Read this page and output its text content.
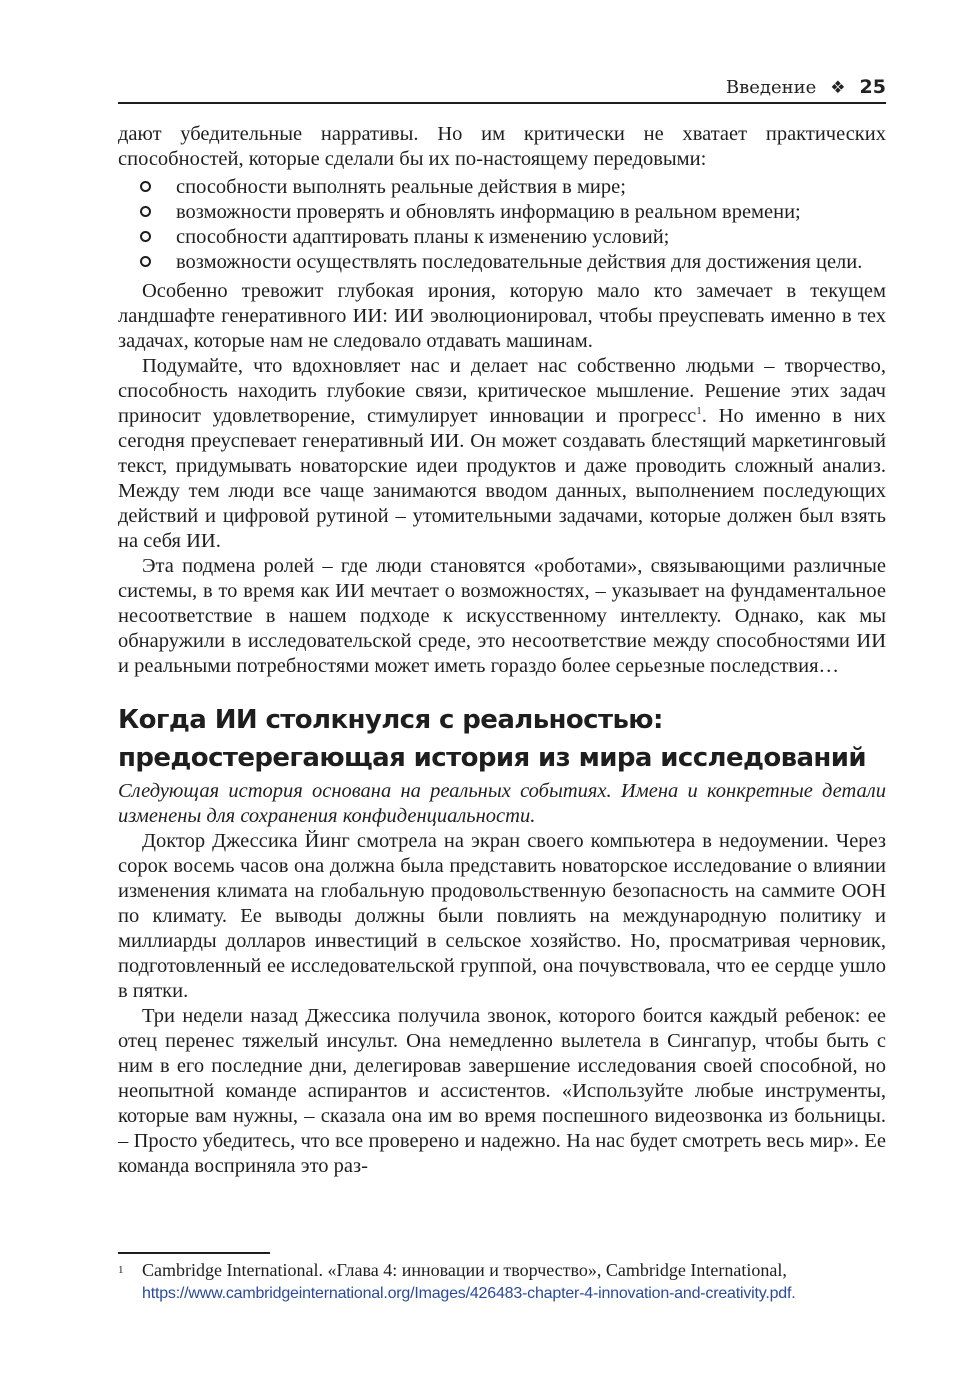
Введение ❖ 25

дают убедительные нарративы. Но им критически не хватает практических способностей, которые сделали бы их по-настоящему передовыми:

способности выполнять реальные действия в мире;
возможности проверять и обновлять информацию в реальном времени;
способности адаптировать планы к изменению условий;
возможности осуществлять последовательные действия для достижения цели.

Особенно тревожит глубокая ирония, которую мало кто замечает в текущем ландшафте генеративного ИИ: ИИ эволюционировал, чтобы преуспевать именно в тех задачах, которые нам не следовало отдавать машинам.

Подумайте, что вдохновляет нас и делает нас собственно людьми – творчество, способность находить глубокие связи, критическое мышление. Решение этих задач приносит удовлетворение, стимулирует инновации и прогресс$^1$. Но именно в них сегодня преуспевает генеративный ИИ. Он может создавать блестящий маркетинговый текст, придумывать новаторские идеи продуктов и даже проводить сложный анализ. Между тем люди все чаще занимаются вводом данных, выполнением последующих действий и цифровой рутиной – утомительными задачами, которые должен был взять на себя ИИ.

Эта подмена ролей – где люди становятся «роботами», связывающими различные системы, в то время как ИИ мечтает о возможностях, – указывает на фундаментальное несоответствие в нашем подходе к искусственному интеллекту. Однако, как мы обнаружили в исследовательской среде, это несоответствие между способностями ИИ и реальными потребностями может иметь гораздо более серьезные последствия…

Когда ИИ столкнулся с реальностью:
предостерегающая история из мира исследований

Следующая история основана на реальных событиях. Имена и конкретные детали изменены для сохранения конфиденциальности.

Доктор Джессика Йинг смотрела на экран своего компьютера в недоумении. Через сорок восемь часов она должна была представить новаторское исследование о влиянии изменения климата на глобальную продовольственную безопасность на саммите ООН по климату. Ее выводы должны были повлиять на международную политику и миллиарды долларов инвестиций в сельское хозяйство. Но, просматривая черновик, подготовленный ее исследовательской группой, она почувствовала, что ее сердце ушло в пятки.

Три недели назад Джессика получила звонок, которого боится каждый ребенок: ее отец перенес тяжелый инсульт. Она немедленно вылетела в Сингапур, чтобы быть с ним в его последние дни, делегировав завершение исследования своей способной, но неопытной команде аспирантов и ассистентов. «Используйте любые инструменты, которые вам нужны, – сказала она им во время поспешного видеозвонка из больницы. – Просто убедитесь, что все проверено и надежно. На нас будет смотреть весь мир». Ее команда восприняла это раз-

1	Cambridge International. «Глава 4: инновации и творчество», Cambridge International, https://www.cambridgeinternational.org/Images/426483-chapter-4-innovation-and-creativity.pdf.
